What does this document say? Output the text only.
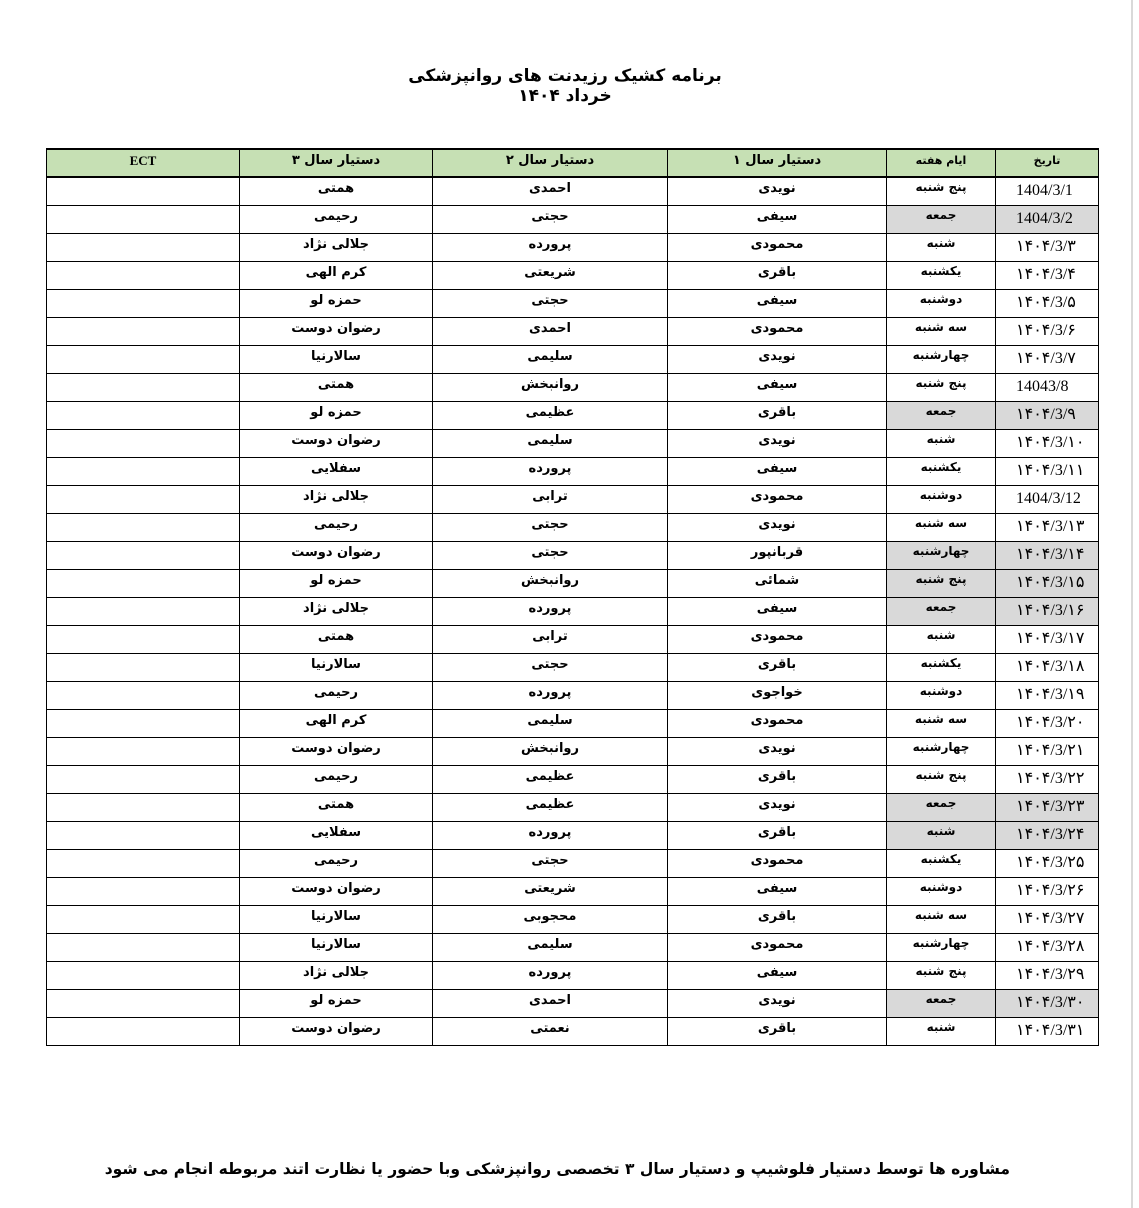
برنامه کشیک رزیدنت های روانپزشکی خرداد ۱۴۰۴
ECT	دستیار سال ۳	دستیار سال ۲	دستیار سال ۱	ایام هفته	تاریخ
	همتی	احمدی	نویدی	پنج شنبه	1404/3/1
	رحیمی	حجتی	سیفی	جمعه	1404/3/2
	جلالی نژاد	پرورده	محمودی	شنبه	۱۴۰۴/3/۳
	کرم الهی	شریعتی	باقری	یکشنبه	۱۴۰۴/3/۴
	حمزه لو	حجتی	سیفی	دوشنبه	۱۴۰۴/3/۵
	رضوان دوست	احمدی	محمودی	سه شنبه	۱۴۰۴/3/۶
	سالارنیا	سلیمی	نویدی	چهارشنبه	۱۴۰۴/3/۷
	همتی	روانبخش	سیفی	پنج شنبه	14043/8
	حمزه لو	عظیمی	باقری	جمعه	۱۴۰۴/3/۹
	رضوان دوست	سلیمی	نویدی	شنبه	۱۴۰۴/3/۱۰
	سفلایی	پرورده	سیفی	یکشنبه	۱۴۰۴/3/۱۱
	جلالی نژاد	ترابی	محمودی	دوشنبه	1404/3/12
	رحیمی	حجتی	نویدی	سه شنبه	۱۴۰۴/3/۱۳
	رضوان دوست	حجتی	قربانپور	چهارشنبه	۱۴۰۴/3/۱۴
	حمزه لو	روانبخش	شمائی	پنج شنبه	۱۴۰۴/3/۱۵
	جلالی نژاد	پرورده	سیفی	جمعه	۱۴۰۴/3/۱۶
	همتی	ترابی	محمودی	شنبه	۱۴۰۴/3/۱۷
	سالارنیا	حجتی	باقری	یکشنبه	۱۴۰۴/3/۱۸
	رحیمی	پرورده	خواجوی	دوشنبه	۱۴۰۴/3/۱۹
	کرم الهی	سلیمی	محمودی	سه شنبه	۱۴۰۴/3/۲۰
	رضوان دوست	روانبخش	نویدی	چهارشنبه	۱۴۰۴/3/۲۱
	رحیمی	عظیمی	باقری	پنج شنبه	۱۴۰۴/3/۲۲
	همتی	عظیمی	نویدی	جمعه	۱۴۰۴/3/۲۳
	سفلایی	پرورده	باقری	شنبه	۱۴۰۴/3/۲۴
	رحیمی	حجتی	محمودی	یکشنبه	۱۴۰۴/3/۲۵
	رضوان دوست	شریعتی	سیفی	دوشنبه	۱۴۰۴/3/۲۶
	سالارنیا	محجوبی	باقری	سه شنبه	۱۴۰۴/3/۲۷
	سالارنیا	سلیمی	محمودی	چهارشنبه	۱۴۰۴/3/۲۸
	جلالی نژاد	پرورده	سیفی	پنج شنبه	۱۴۰۴/3/۲۹
	حمزه لو	احمدی	نویدی	جمعه	۱۴۰۴/3/۳۰
	رضوان دوست	نعمتی	باقری	شنبه	۱۴۰۴/3/۳۱
مشاوره ها توسط دستیار فلوشیپ و دستیار سال ۳ تخصصی روانپزشکی وبا حضور یا نظارت اتند مربوطه انجام می شود
